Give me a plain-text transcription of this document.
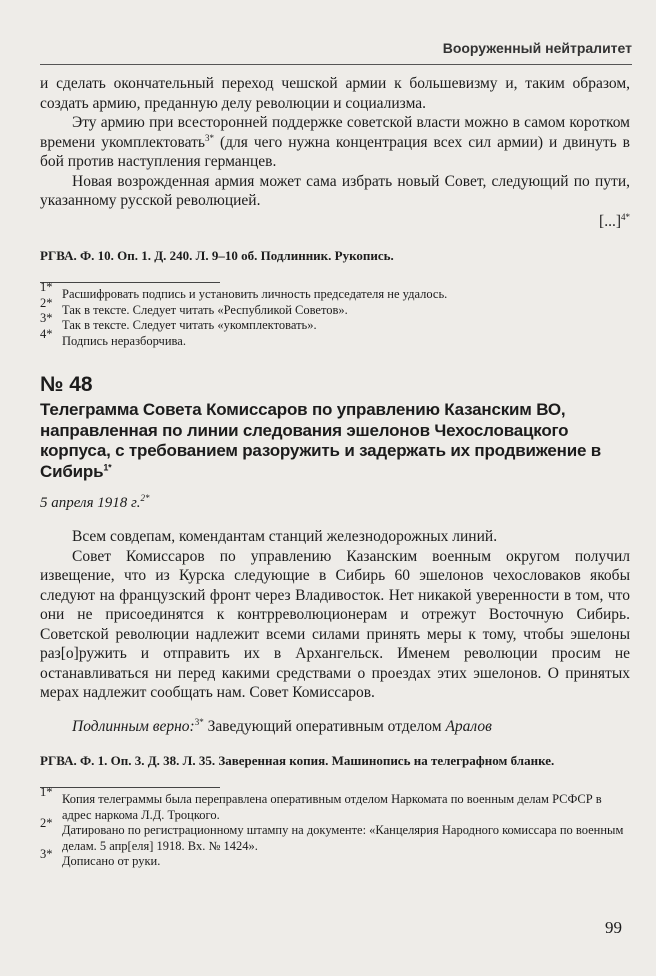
Вооруженный нейтралитет

и сделать окончательный переход чешской армии к большевизму и, таким образом, создать армию, преданную делу революции и социализма.

Эту армию при всесторонней поддержке советской власти можно в самом коротком времени укомплектовать$^{3*}$ (для чего нужна концентрация всех сил армии) и двинуть в бой против наступления германцев.

Новая возрожденная армия может сама избрать новый Совет, следующий по пути, указанному русской революцией.

[...]$^{4*}$

РГВА. Ф. 10. Оп. 1. Д. 240. Л. 9–10 об. Подлинник. Рукопись.
1* Расшифровать подпись и установить личность председателя не удалось.
2* Так в тексте. Следует читать «Республикой Советов».
3* Так в тексте. Следует читать «укомплектовать».
4* Подпись неразборчива.
№ 48
Телеграмма Совета Комиссаров по управлению Казанским ВО, направленная по линии следования эшелонов Чехословацкого корпуса, с требованием разоружить и задержать их продвижение в Сибирь$^{1*}$
5 апреля 1918 г.$^{2*}$

Всем совдепам, комендантам станций железнодорожных линий.

Совет Комиссаров по управлению Казанским военным округом получил извещение, что из Курска следующие в Сибирь 60 эшелонов чехословаков якобы следуют на французский фронт через Владивосток. Нет никакой уверенности в том, что они не присоединятся к контрреволюционерам и отрежут Восточную Сибирь. Советской революции надлежит всеми силами принять меры к тому, чтобы эшелоны раз[о]ружить и отправить их в Архангельск. Именем революции просим не останавливаться ни перед какими средствами о проездах этих эшелонов. О принятых мерах надлежит сообщать нам. Совет Комиссаров.

Подлинным верно:$^{3*}$ Заведующий оперативным отделом Аралов

РГВА. Ф. 1. Оп. 3. Д. 38. Л. 35. Заверенная копия. Машинопись на телеграфном бланке.
1* Копия телеграммы была переправлена оперативным отделом Наркомата по военным делам РСФСР в адрес наркома Л.Д. Троцкого.
2* Датировано по регистрационному штампу на документе: «Канцелярия Народного комиссара по военным делам. 5 апр[еля] 1918. Вх. № 1424».
3* Дописано от руки.
99
